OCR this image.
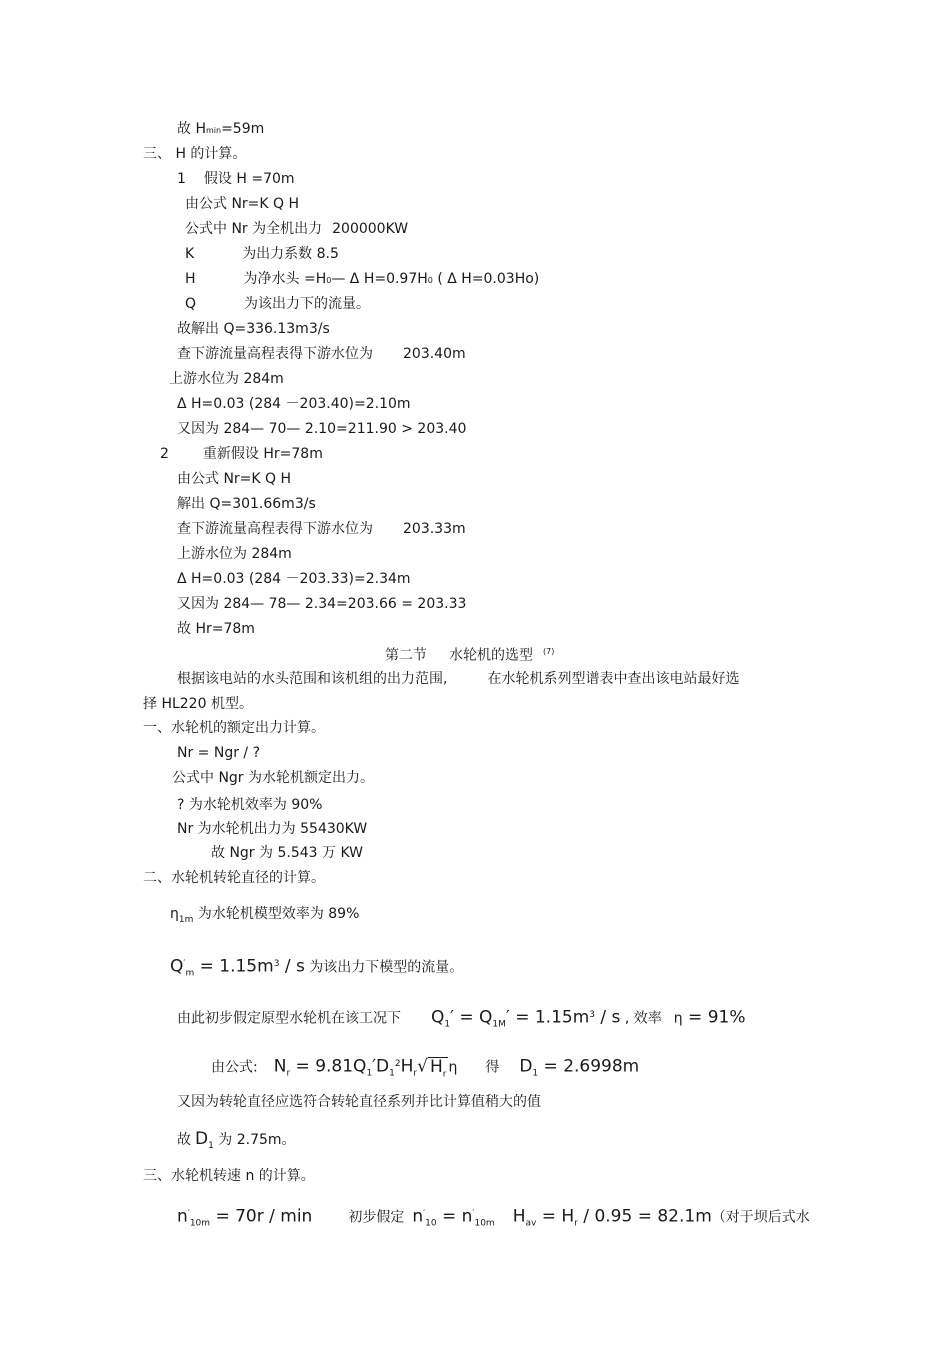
故 Hmin=59m
三、 H 的计算。
1 假设 H =70m
由公式 Nr=K Q H
公式中 Nr 为全机出力 200000KW
K	为出力系数 8.5
H	为净水头 =H0— Δ H=0.97H0 ( Δ H=0.03Ho)
Q	为该出力下的流量。
故解出 Q=336.13m3/s
查下游流量高程表得下游水位为 203.40m
上游水位为 284m
Δ H=0.03 (284 －203.40)=2.10m
又因为 284— 70— 2.10=211.90 > 203.40
2 重新假设 Hr=78m
由公式 Nr=K Q H
解出 Q=301.66m3/s
查下游流量高程表得下游水位为 203.33m
上游水位为 284m
Δ H=0.03 (284 －203.33)=2.34m
又因为 284— 78— 2.34=203.66 = 203.33
故 Hr=78m
第二节 水轮机的选型 $^{(7)}$
根据该电站的水头范围和该机组的出力范围,	在水轮机系列型谱表中查出该电站最好选
择 HL220 机型。
一、水轮机的额定出力计算。
Nr = Ngr / ?
公式中 Ngr 为水轮机额定出力。
? 为水轮机效率为 90%
Nr 为水轮机出力为 55430KW
故 Ngr 为 5.543 万 KW
二、水轮机转轮直径的计算。
$\eta_{1m}$ 为水轮机模型效率为 89%
$Q'_m = 1.15m^3 / s$ 为该出力下模型的流量。
由此初步假定原型水轮机在该工况下 $Q_1' = Q_{1M}' = 1.15m^3 / s$ , 效率 η = 91%
由公式: $N_r = 9.81Q_1'D_1^2H_r√$ $H_r$ η 得 $D_1 = 2.6998m$
又因为转轮直径应选符合转轮直径系列并比计算值稍大的值
故 $D_1$ 为 2.75m。
三、水轮机转速 n 的计算。
$n'_{10m} = 70r / \min$	初步假定 $n'_{10} = n'_{10m}$ $H_{av} = H_r / 0.95 = 82.1m$（对于坝后式水
